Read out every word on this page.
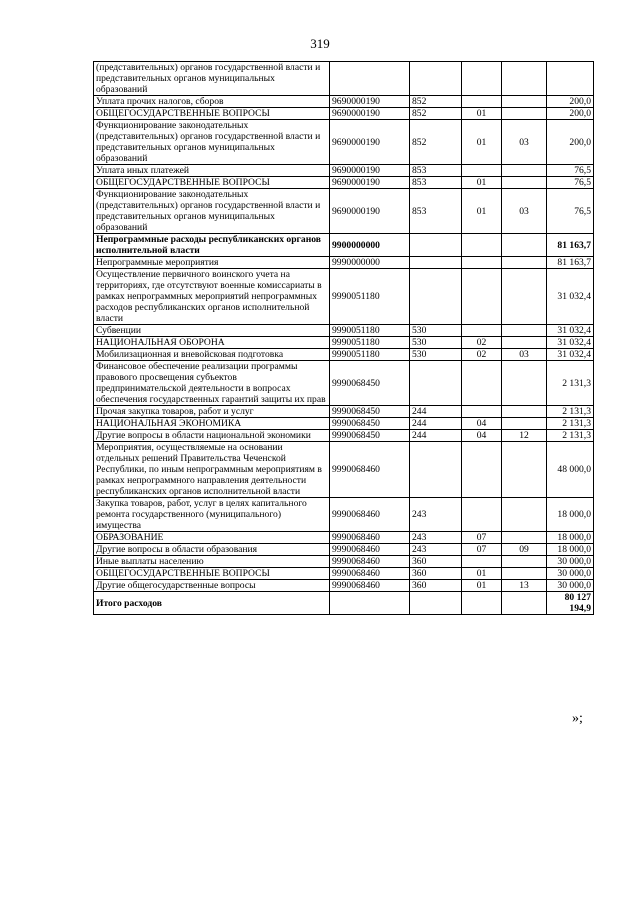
319
(представительных) органов государственной власти и представительных органов муниципальных образований					
Уплата прочих налогов, сборов	9690000190	852			200,0
ОБЩЕГОСУДАРСТВЕННЫЕ ВОПРОСЫ	9690000190	852	01		200,0
Функционирование законодательных (представительных) органов государственной власти и представительных органов муниципальных образований	9690000190	852	01	03	200,0
Уплата иных платежей	9690000190	853			76,5
ОБЩЕГОСУДАРСТВЕННЫЕ ВОПРОСЫ	9690000190	853	01		76,5
Функционирование законодательных (представительных) органов государственной власти и представительных органов муниципальных образований	9690000190	853	01	03	76,5
Непрограммные расходы республиканских органов исполнительной власти	9900000000				81 163,7
Непрограммные мероприятия	9990000000				81 163,7
Осуществление первичного воинского учета на территориях, где отсутствуют военные комиссариаты в рамках непрограммных мероприятий непрограммных расходов республиканских органов исполнительной власти	9990051180				31 032,4
Субвенции	9990051180	530			31 032,4
НАЦИОНАЛЬНАЯ ОБОРОНА	9990051180	530	02		31 032,4
Мобилизационная и вневойсковая подготовка	9990051180	530	02	03	31 032,4
Финансовое обеспечение реализации программы правового просвещения субъектов предпринимательской деятельности в вопросах обеспечения государственных гарантий защиты их прав	9990068450				2 131,3
Прочая закупка товаров, работ и услуг	9990068450	244			2 131,3
НАЦИОНАЛЬНАЯ ЭКОНОМИКА	9990068450	244	04		2 131,3
Другие вопросы в области национальной экономики	9990068450	244	04	12	2 131,3
Мероприятия, осуществляемые на основании отдельных решений Правительства Чеченской Республики, по иным непрограммным мероприятиям в рамках непрограммного направления деятельности республиканских органов исполнительной власти	9990068460				48 000,0
Закупка товаров, работ, услуг в целях капитального ремонта государственного (муниципального) имущества	9990068460	243			18 000,0
ОБРАЗОВАНИЕ	9990068460	243	07		18 000,0
Другие вопросы в области образования	9990068460	243	07	09	18 000,0
Иные выплаты населению	9990068460	360			30 000,0
ОБЩЕГОСУДАРСТВЕННЫЕ ВОПРОСЫ	9990068460	360	01		30 000,0
Другие общегосударственные вопросы	9990068460	360	01	13	30 000,0
Итого расходов					80 127 194,9
»;
